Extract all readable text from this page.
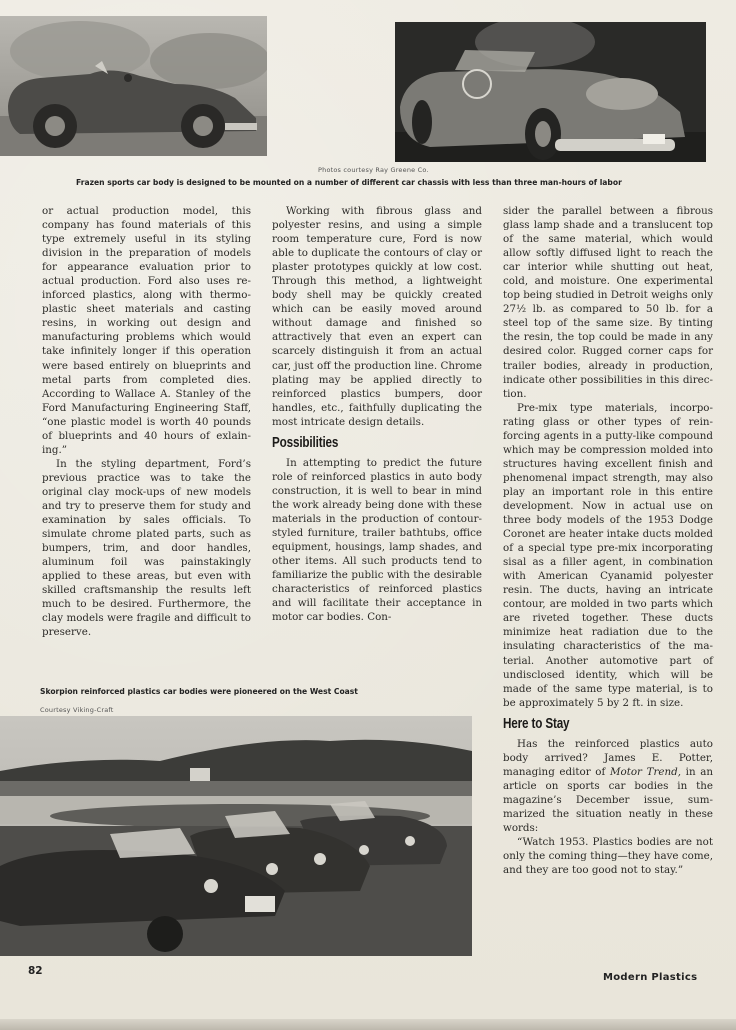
Photos courtesy Ray Greene Co.
Frazen sports car body is designed to be mounted on a number of different car chassis with less than three man-hours of labor

or actual production model, this company has found materials of this type extremely useful in its styling division in the preparation of models for appearance evaluation prior to actual production. Ford also uses reinforced plastics, along with thermoplastic sheet materials and casting resins, in working out design and manufacturing problems which would take infinitely longer if this operation were based entirely on blueprints and metal parts from completed dies. According to Wallace A. Stanley of the Ford Manufacturing Engineering Staff, “one plastic model is worth 40 pounds of blueprints and 40 hours of exlaining.”

In the styling department, Ford’s previous practice was to take the original clay mock-ups of new models and try to preserve them for study and examination by sales officials. To simulate chrome plated parts, such as bumpers, trim, and door handles, aluminum foil was painstakingly applied to these areas, but even with skilled craftsmanship the results left much to be desired. Furthermore, the clay models were fragile and difficult to preserve.

Working with fibrous glass and polyester resins, and using a simple room temperature cure, Ford is now able to duplicate the contours of clay or plaster prototypes quickly at low cost. Through this method, a lightweight body shell may be quickly created which can be easily moved around without damage and finished so attractively that even an expert can scarcely distinguish it from an actual car, just off the production line. Chrome plating may be applied directly to reinforced plastics bumpers, door handles, etc., faithfully duplicating the most intricate design details.

Possibilities

In attempting to predict the future role of reinforced plastics in auto body construction, it is well to bear in mind the work already being done with these materials in the production of contour-styled furniture, trailer bathtubs, office equipment, housings, lamp shades, and other items. All such products tend to familiarize the public with the desirable characteristics of reinforced plastics and will facilitate their acceptance in motor car bodies. Con-

sider the parallel between a fibrous glass lamp shade and a translucent top of the same material, which would allow softly diffused light to reach the car interior while shutting out heat, cold, and moisture. One experimental top being studied in Detroit weighs only 27½ lb. as compared to 50 lb. for a steel top of the same size. By tinting the resin, the top could be made in any desired color. Rugged corner caps for trailer bodies, already in production, indicate other possibilities in this direction.

Pre-mix type materials, incorporating glass or other types of reinforcing agents in a putty-like compound which may be compression molded into structures having excellent finish and phenomenal impact strength, may also play an important role in this entire development. Now in actual use on three body models of the 1953 Dodge Coronet are heater intake ducts molded of a special type pre-mix incorporating sisal as a filler agent, in combination with American Cyanamid polyester resin. The ducts, having an intricate contour, are molded in two parts which are riveted together. These ducts minimize heat radiation due to the insulating characteristics of the material. Another automotive part of undisclosed identity, which will be made of the same type material, is to be approximately 5 by 2 ft. in size.

Here to Stay

Has the reinforced plastics auto body arrived? James E. Potter, managing editor of Motor Trend, in an article on sports car bodies in the magazine’s December issue, summarized the situation neatly in these words:

“Watch 1953. Plastics bodies are not only the coming thing—they have come, and they are too good not to stay.”

Skorpion reinforced plastics car bodies were pioneered on the West Coast
Courtesy Viking-Craft
82
Modern Plastics
